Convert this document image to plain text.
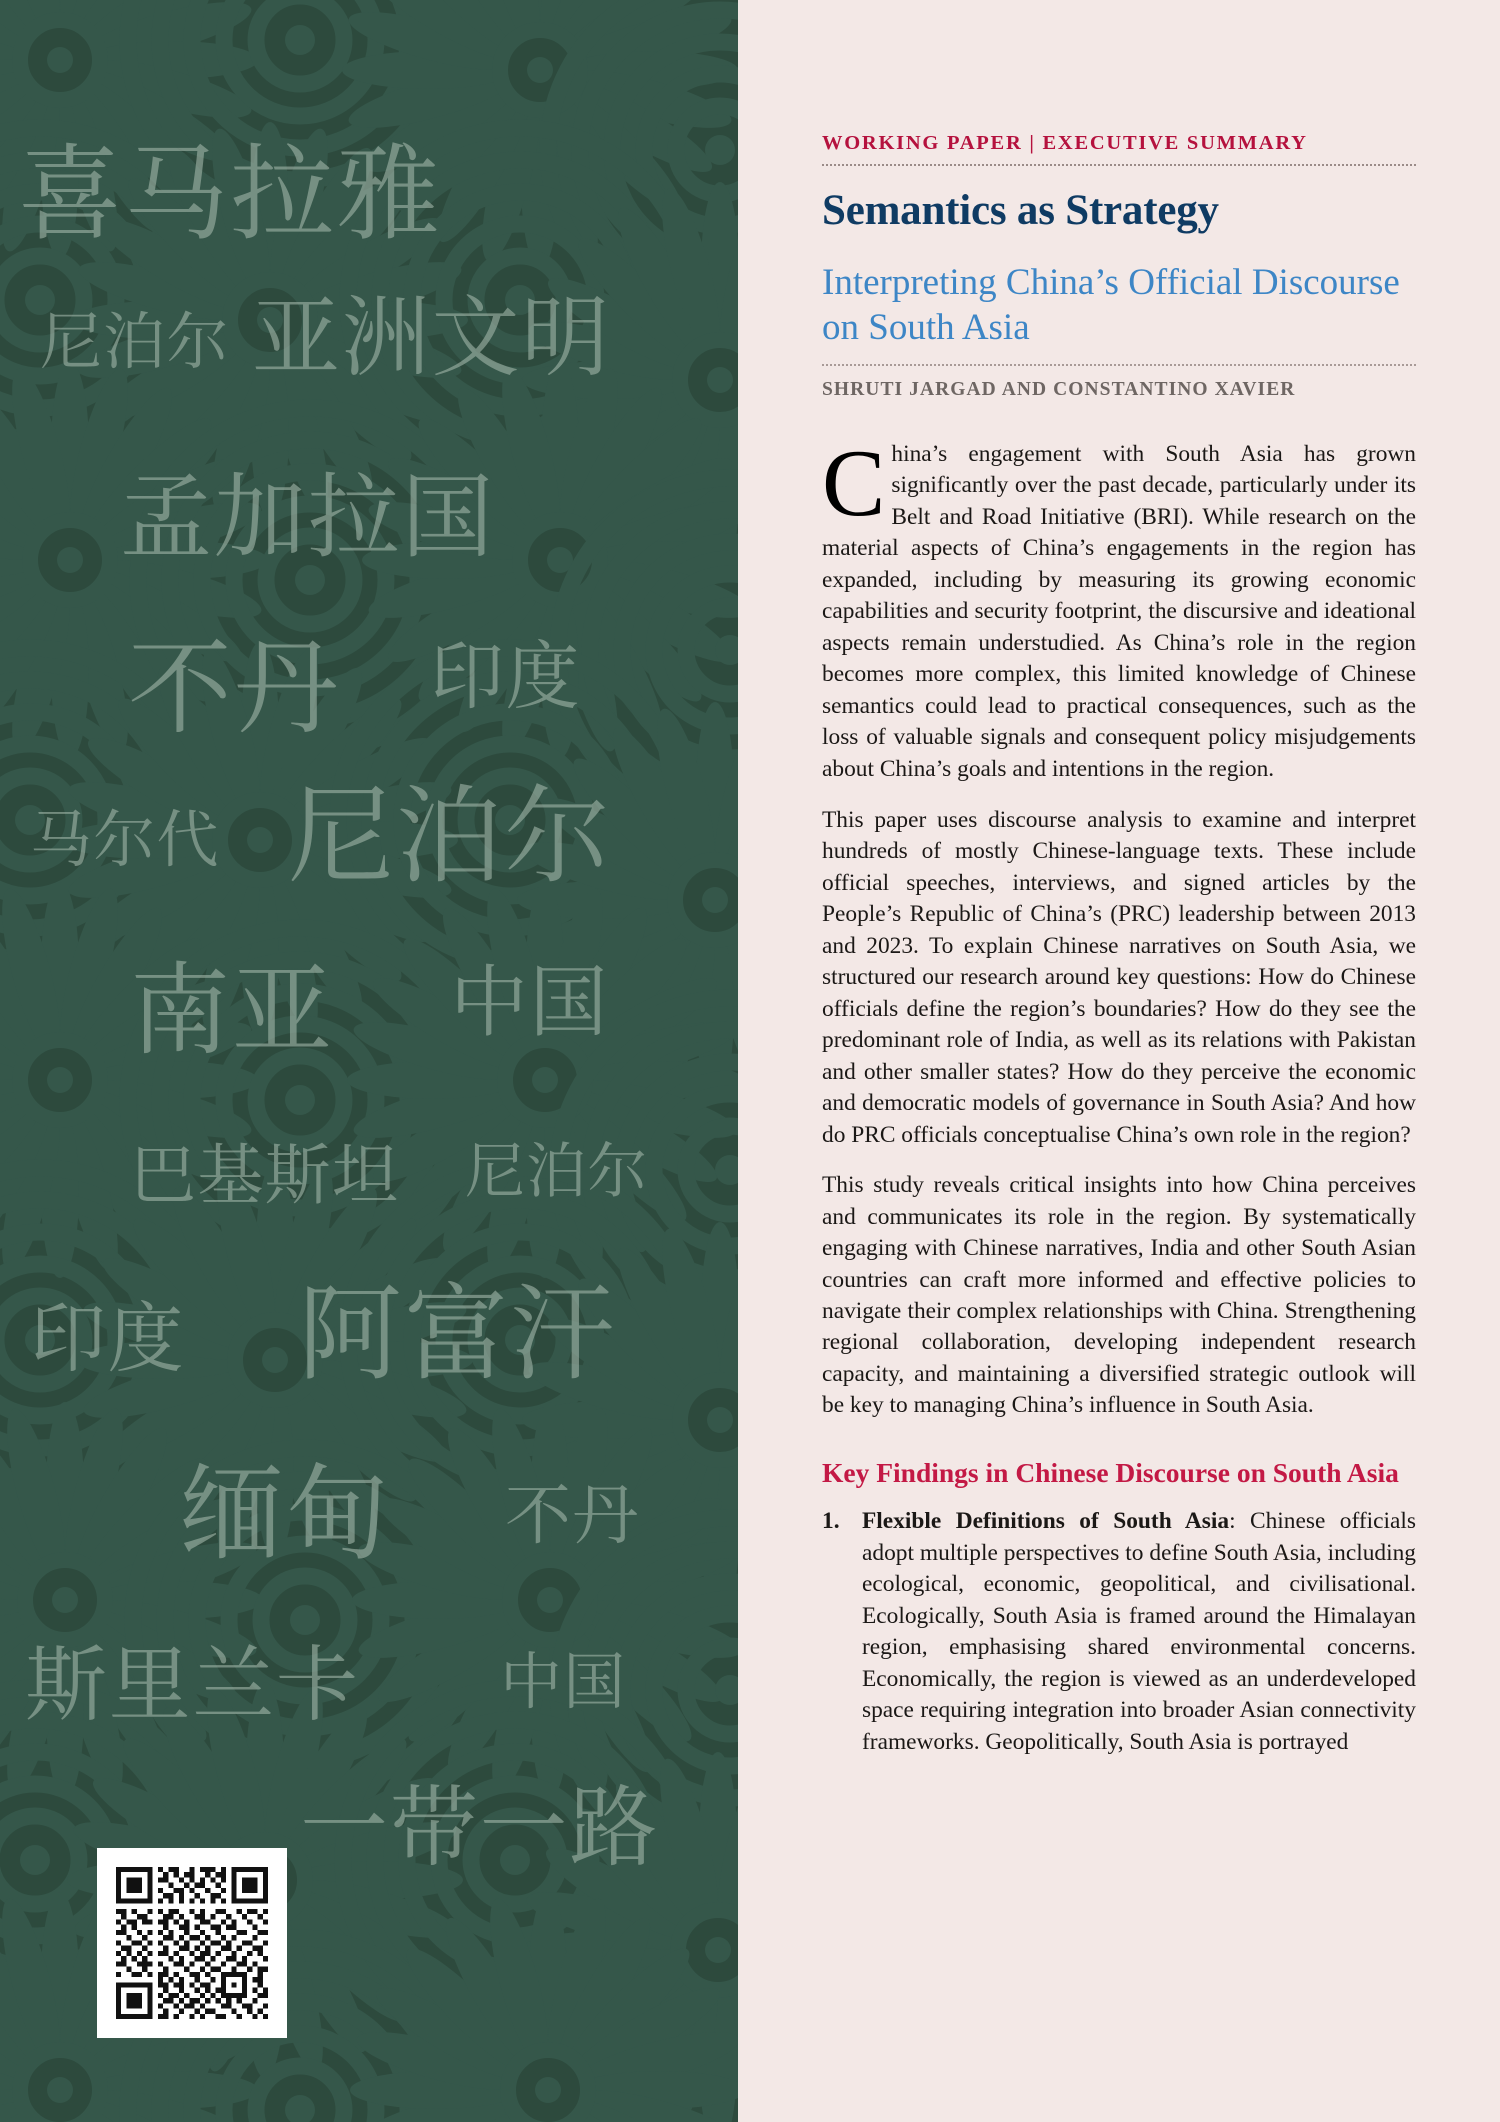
喜马拉雅
尼泊尔 亚洲文明
孟加拉国
不丹 印度
马尔代 尼泊尔
南亚 中国
巴基斯坦 尼泊尔
印度 阿富汗
缅甸 不丹
斯里兰卡 中国
一带一路
WORKING PAPER | EXECUTIVE SUMMARY
Semantics as Strategy
Interpreting China’s Official Discourse on South Asia
SHRUTI JARGAD AND CONSTANTINO XAVIER

China’s engagement with South Asia has grown significantly over the past decade, particularly under its Belt and Road Initiative (BRI). While research on the material aspects of China’s engagements in the region has expanded, including by measuring its growing economic capabilities and security footprint, the discursive and ideational aspects remain understudied. As China’s role in the region becomes more complex, this limited knowledge of Chinese semantics could lead to practical consequences, such as the loss of valuable signals and consequent policy misjudgements about China’s goals and intentions in the region.

This paper uses discourse analysis to examine and interpret hundreds of mostly Chinese-language texts. These include official speeches, interviews, and signed articles by the People’s Republic of China’s (PRC) leadership between 2013 and 2023. To explain Chinese narratives on South Asia, we structured our research around key questions: How do Chinese officials define the region’s boundaries? How do they see the predominant role of India, as well as its relations with Pakistan and other smaller states? How do they perceive the economic and democratic models of governance in South Asia? And how do PRC officials conceptualise China’s own role in the region?

This study reveals critical insights into how China perceives and communicates its role in the region. By systematically engaging with Chinese narratives, India and other South Asian countries can craft more informed and effective policies to navigate their complex relationships with China. Strengthening regional collaboration, developing independent research capacity, and maintaining a diversified strategic outlook will be key to managing China’s influence in South Asia.

Key Findings in Chinese Discourse on South Asia
Flexible Definitions of South Asia: Chinese officials adopt multiple perspectives to define South Asia, including ecological, economic, geopolitical, and civilisational. Ecologically, South Asia is framed around the Himalayan region, emphasising shared environmental concerns. Economically, the region is viewed as an underdeveloped space requiring integration into broader Asian connectivity frameworks. Geopolitically, South Asia is portrayed
